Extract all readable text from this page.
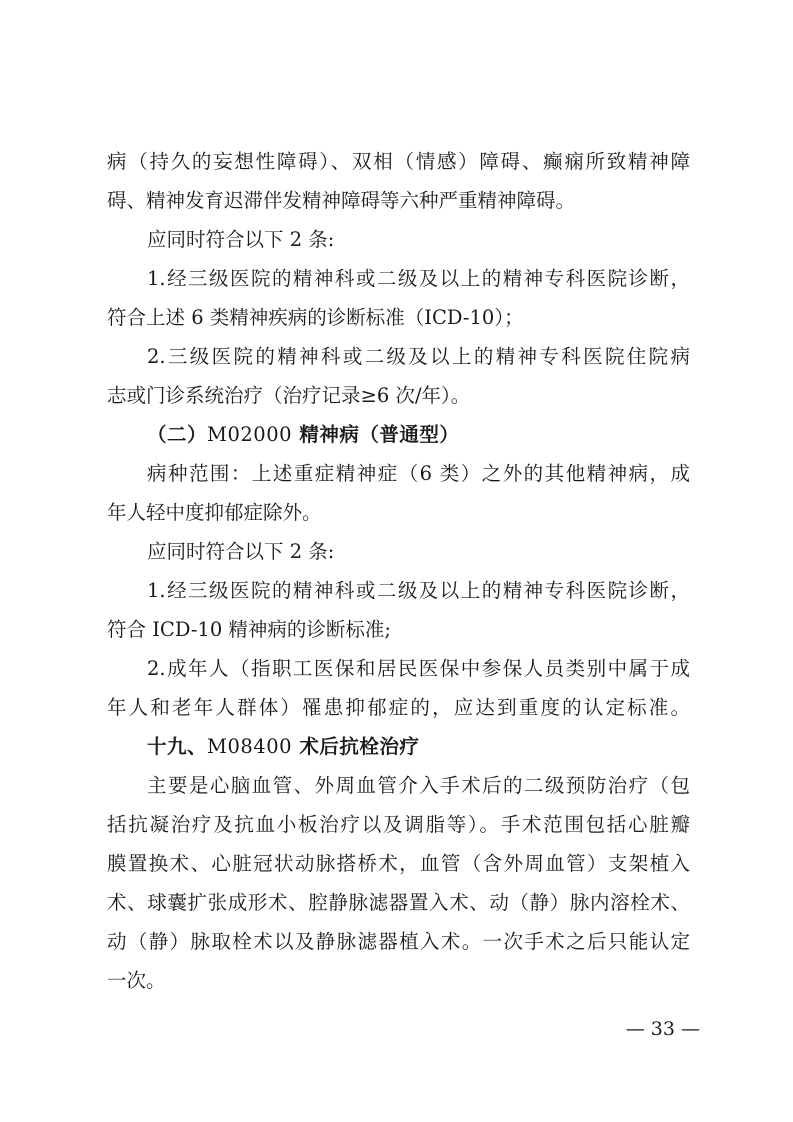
病（持久的妄想性障碍）、双相（情感）障碍、癫痫所致精神障
碍、精神发育迟滞伴发精神障碍等六种严重精神障碍。
应同时符合以下 2 条:
1.经三级医院的精神科或二级及以上的精神专科医院诊断，
符合上述 6 类精神疾病的诊断标准（ICD-10）；
2.三级医院的精神科或二级及以上的精神专科医院住院病
志或门诊系统治疗（治疗记录≥6 次/年）。
（二）M02000 精神病（普通型）
病种范围：上述重症精神症（6 类）之外的其他精神病，成
年人轻中度抑郁症除外。
应同时符合以下 2 条:
1.经三级医院的精神科或二级及以上的精神专科医院诊断，
符合 ICD-10 精神病的诊断标准;
2.成年人（指职工医保和居民医保中参保人员类别中属于成
年人和老年人群体）罹患抑郁症的，应达到重度的认定标准。
十九、M08400 术后抗栓治疗
主要是心脑血管、外周血管介入手术后的二级预防治疗（包
括抗凝治疗及抗血小板治疗以及调脂等）。手术范围包括心脏瓣
膜置换术、心脏冠状动脉搭桥术，血管（含外周血管）支架植入
术、球囊扩张成形术、腔静脉滤器置入术、动（静）脉内溶栓术、
动（静）脉取栓术以及静脉滤器植入术。一次手术之后只能认定
一次。
— 33 —
